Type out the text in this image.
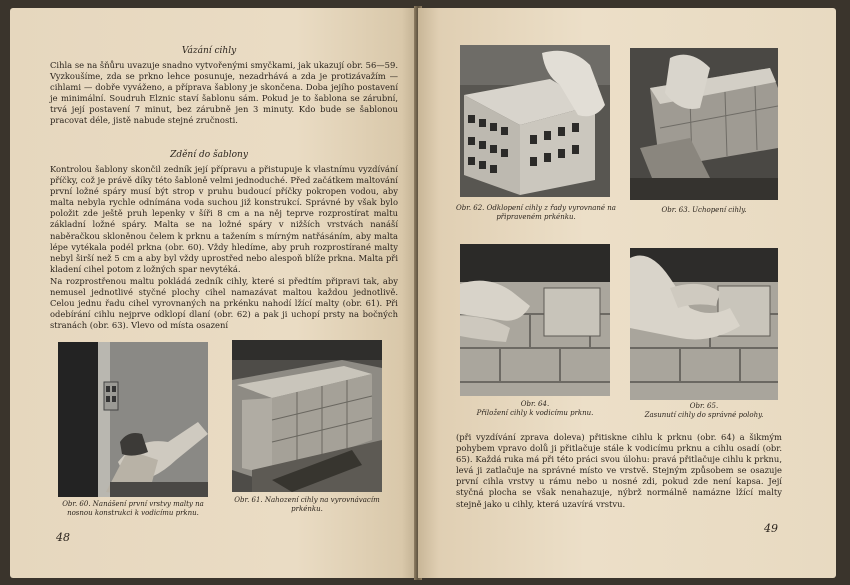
Vázání cihly

Cihla se na šňůru uvazuje snadno vytvořenými smyčkami, jak ukazují obr. 56—59. Vyzkoušíme, zda se prkno lehce posunuje, nezadrhává a zda je protizávažím — cihlami — dobře vyváženo, a příprava šablony je skončena. Doba jejího postavení je minimální. Soudruh Elznic staví šablonu sám. Pokud je to šablona se zárubní, trvá její postavení 7 minut, bez zárubně jen 3 minuty. Kdo bude se šablonou pracovat déle, jistě nabude stejné zručnosti.

Zdění do šablony

Kontrolou šablony skončil zedník její přípravu a přistupuje k vlastnímu vyzdívání příčky, což je právě díky této šabloně velmi jednoduché. Před začátkem maltování první ložné spáry musí být strop v pruhu budoucí příčky pokropen vodou, aby malta nebyla rychle odnímána voda suchou již konstrukcí. Správné by však bylo položit zde ještě pruh lepenky v šíři 8 cm a na něj teprve rozprostírat maltu základní ložné spáry. Malta se na ložné spáry v nižších vrstvách nanáší naběračkou skloněnou čelem k prknu a tažením s mírným natřásáním, aby malta lépe vytékala podél prkna (obr. 60). Vždy hledíme, aby pruh rozprostírané malty nebyl širší než 5 cm a aby byl vždy uprostřed nebo alespoň blíže prkna. Malta při kladení cihel potom z ložných spar nevytéká.

Na rozprostřenou maltu pokládá zedník cihly, které si předtím připravi tak, aby nemusel jednotlivé styčné plochy cihel namazávat maltou každou jednotlivě. Celou jednu řadu cihel vyrovnaných na prkénku nahodí lžící malty (obr. 61). Při odebírání cihlu nejprve odklopí dlaní (obr. 62) a pak ji uchopí prsty na bočných stranách (obr. 63). Vlevo od místa osazení

Obr. 60. Nanášení první vrstvy malty na nosnou konstrukci k vodicímu prknu.
Obr. 61. Nahození cihly na vyrovnávacím prkénku.
48
Obr. 62. Odklopení cihly z řady vyrovnané na připraveném prkénku.
Obr. 63. Uchopení cihly.
Obr. 64.
Přiložení cihly k vodicímu prknu.
Obr. 65.
Zasunutí cihly do správné polohy.

(při vyzdívání zprava doleva) přitiskne cihlu k prknu (obr. 64) a šikmým pohybem vpravo dolů ji přitlačuje stále k vodicímu prknu a cihlu osadí (obr. 65). Každá ruka má při této práci svou úlohu: pravá přitlačuje cihlu k prknu, levá ji zatlačuje na správné místo ve vrstvě. Stejným způsobem se osazuje první cihla vrstvy u rámu nebo u nosné zdi, pokud zde není kapsa. Její styčná plocha se však nenahazuje, nýbrž normálně namázne lžící malty stejně jako u cihly, která uzavírá vrstvu.

49
